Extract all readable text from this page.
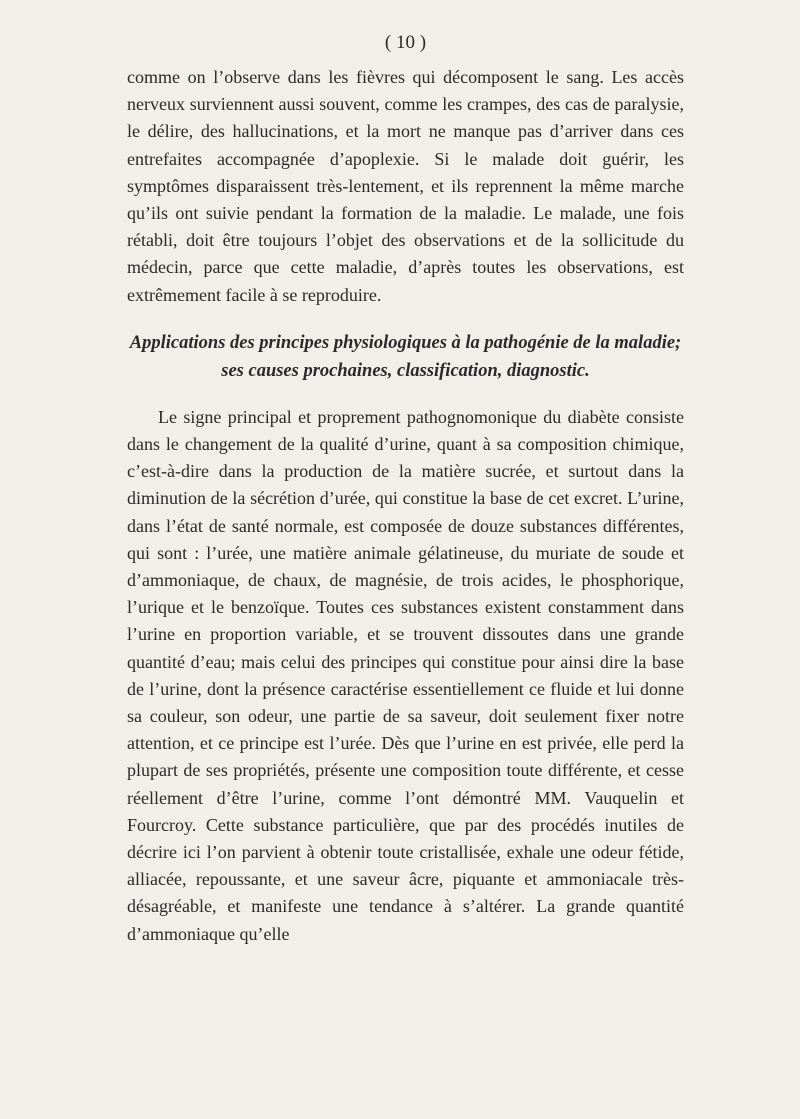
( 10 )

comme on l’observe dans les fièvres qui décomposent le sang. Les accès nerveux surviennent aussi souvent, comme les crampes, des cas de paralysie, le délire, des hallucinations, et la mort ne manque pas d’arriver dans ces entrefaites accompagnée d’apoplexie. Si le malade doit guérir, les symptômes disparaissent très-lentement, et ils reprennent la même marche qu’ils ont suivie pendant la formation de la maladie. Le malade, une fois rétabli, doit être toujours l’objet des observations et de la sollicitude du médecin, parce que cette maladie, d’après toutes les observations, est extrêmement facile à se reproduire.

Applications des principes physiologiques à la pathogénie de la maladie; ses causes prochaines, classification, diagnostic.

Le signe principal et proprement pathognomonique du diabète consiste dans le changement de la qualité d’urine, quant à sa composition chimique, c’est-à-dire dans la production de la matière sucrée, et surtout dans la diminution de la sécrétion d’urée, qui constitue la base de cet excret. L’urine, dans l’état de santé normale, est composée de douze substances différentes, qui sont : l’urée, une matière animale gélatineuse, du muriate de soude et d’ammoniaque, de chaux, de magnésie, de trois acides, le phosphorique, l’urique et le benzoïque. Toutes ces substances existent constamment dans l’urine en proportion variable, et se trouvent dissoutes dans une grande quantité d’eau; mais celui des principes qui constitue pour ainsi dire la base de l’urine, dont la présence caractérise essentiellement ce fluide et lui donne sa couleur, son odeur, une partie de sa saveur, doit seulement fixer notre attention, et ce principe est l’urée. Dès que l’urine en est privée, elle perd la plupart de ses propriétés, présente une composition toute différente, et cesse réellement d’être l’urine, comme l’ont démontré MM. Vauquelin et Fourcroy. Cette substance particulière, que par des procédés inutiles de décrire ici l’on parvient à obtenir toute cristallisée, exhale une odeur fétide, alliacée, repoussante, et une saveur âcre, piquante et ammoniacale très-désagréable, et manifeste une tendance à s’altérer. La grande quantité d’ammoniaque qu’elle
